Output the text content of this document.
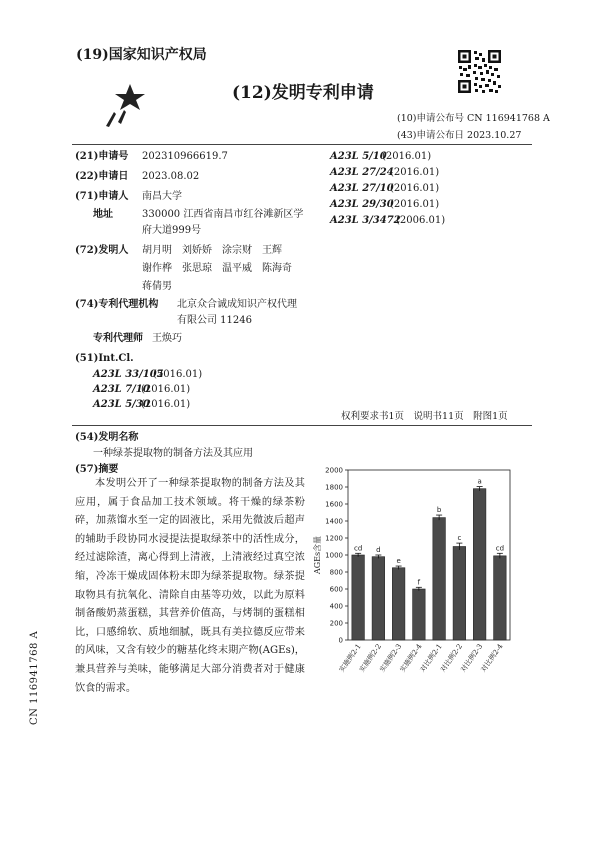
(19)国家知识产权局
(12)发明专利申请
(10)申请公布号 CN 116941768 A
(43)申请公布日 2023.10.27
(21)申请号 202310966619.7
(22)申请日 2023.08.02
(71)申请人 南昌大学
地址	330000 江西省南昌市红谷滩新区学
府大道999号
(72)发明人 胡月明　刘娇娇　涂宗财　王辉
谢作桦　张思琼　温平威　陈海奇
蒋倩男
(74)专利代理机构 北京众合诚成知识产权代理
有限公司 11246
专利代理师 王焕巧
(51)Int.Cl.
A23L 33/105
(2016.01)
A23L 7/10
(2016.01)
A23L 5/30
(2016.01)
A23L 5/10
(2016.01)
A23L 27/24
(2016.01)
A23L 27/10
(2016.01)
A23L 29/30
(2016.01)
A23L 3/3472
(2006.01)
权利要求书1页　说明书11页　附图1页
(54)发明名称
一种绿茶提取物的制备方法及其应用
(57)摘要
本发明公开了一种绿茶提取物的制备方法及其应用，属于食品加工技术领域。将干燥的绿茶粉碎，加蒸馏水至一定的固液比，采用先微波后超声的辅助手段协同水浸提法提取绿茶中的活性成分，经过滤除渣，离心得到上清液，上清液经过真空浓缩，冷冻干燥成固体粉末即为绿茶提取物。绿茶提取物具有抗氧化、清除自由基等功效，以此为原料制备酸奶蒸蛋糕，其营养价值高，与烤制的蛋糕相比，口感绵软、质地细腻，既具有美拉德反应带来的风味，又含有较少的糖基化终末期产物(AGEs)，兼具营养与美味，能够满足大部分消费者对于健康饮食的需求。
0
200
400
600
800
1000
1200
1400
1600
1800
2000
AGEs含量	cd
实施例2-1
d
实施例2-2
e
实施例2-3
f
实施例2-4
b
对比例2-1
c
对比例2-2
a
对比例2-3
cd
对比例2-4
CN 116941768 A
